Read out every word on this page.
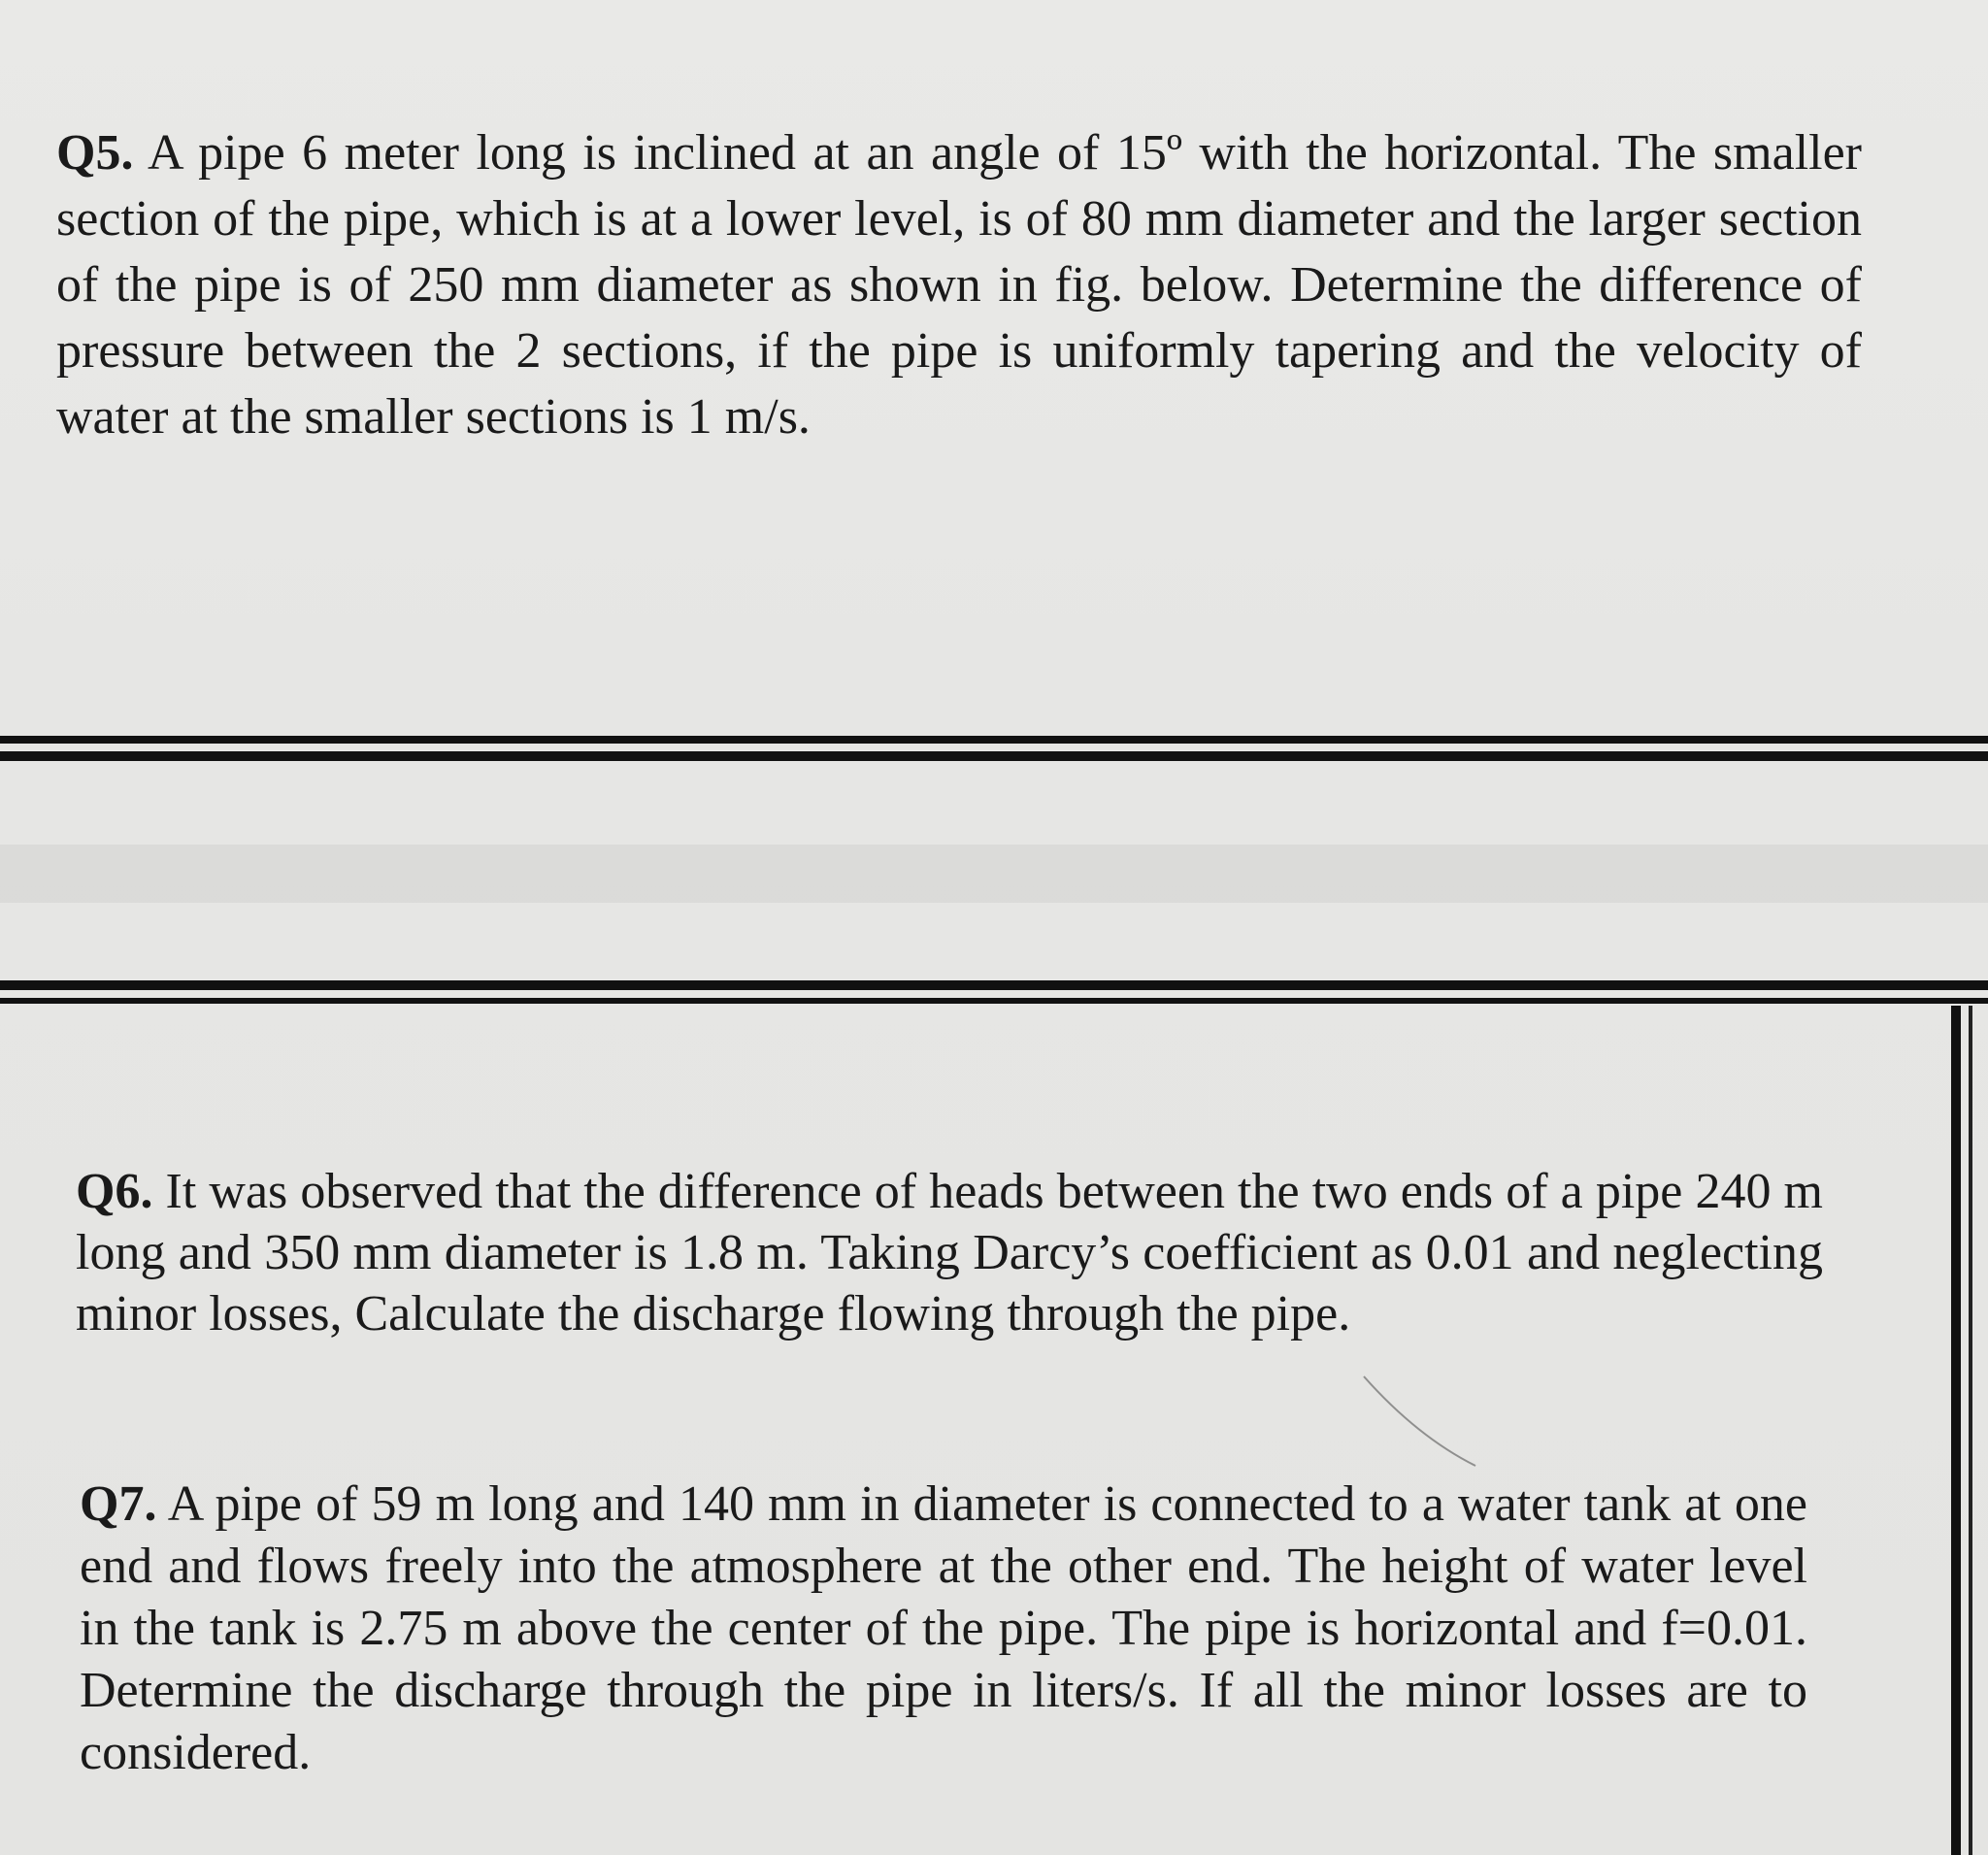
Q5. A pipe 6 meter long is inclined at an angle of 15º with the horizontal. The smaller section of the pipe, which is at a lower level, is of 80 mm diameter and the larger section of the pipe is of 250 mm diameter as shown in fig. below. Determine the difference of pressure between the 2 sections, if the pipe is uniformly tapering and the velocity of water at the smaller sections is 1 m/s.
Q6. It was observed that the difference of heads between the two ends of a pipe 240 m long and 350 mm diameter is 1.8 m. Taking Darcy’s coefficient as 0.01 and neglecting minor losses, Calculate the discharge flowing through the pipe.
Q7. A pipe of 59 m long and 140 mm in diameter is connected to a water tank at one end and flows freely into the atmosphere at the other end. The height of water level in the tank is 2.75 m above the center of the pipe. The pipe is horizontal and f=0.01. Determine the discharge through the pipe in liters/s. If all the minor losses are to considered.
